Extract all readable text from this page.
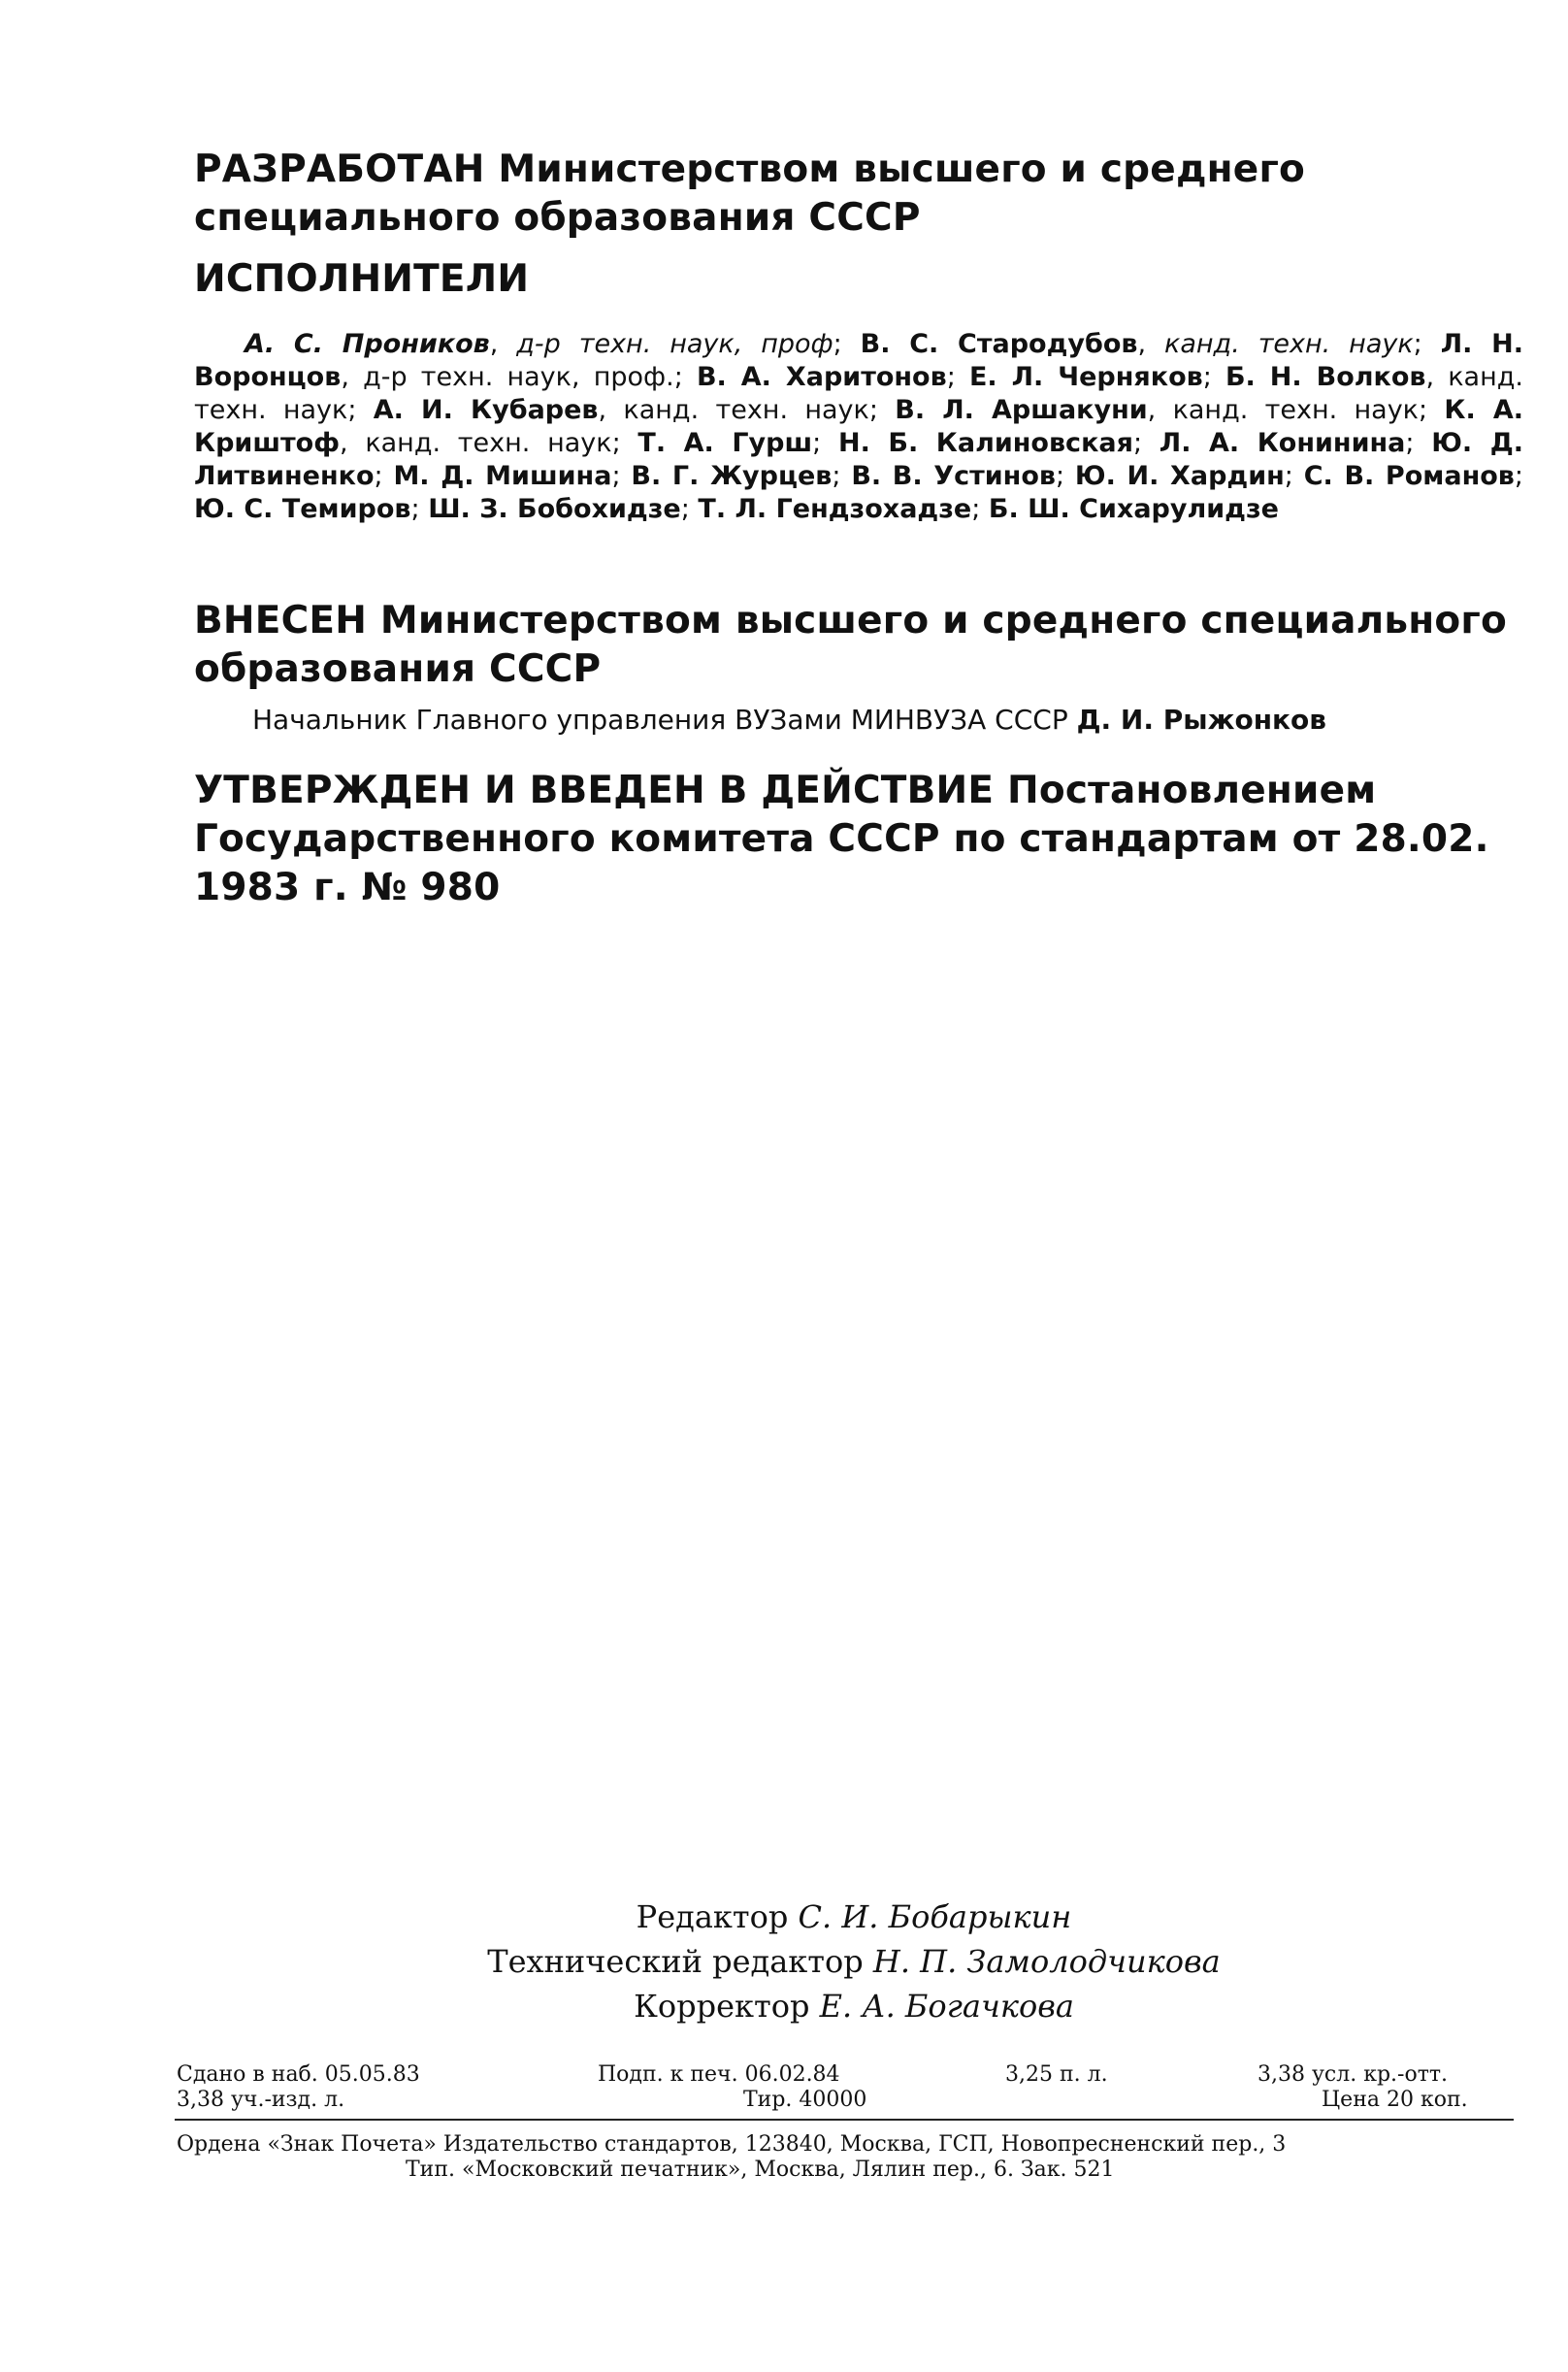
РАЗРАБОТАН Министерством высшего и среднего специального образования СССР
ИСПОЛНИТЕЛИ
А. С. Проников, д-р техн. наук, проф; В. С. Стародубов, канд. техн. наук; Л. Н. Воронцов, д-р техн. наук, проф.; В. А. Харитонов; Е. Л. Черняков; Б. Н. Волков, канд. техн. наук; А. И. Кубарев, канд. техн. наук; В. Л. Аршакуни, канд. техн. наук; К. А. Криштоф, канд. техн. наук; Т. А. Гурш; Н. Б. Калиновская; Л. А. Конинина; Ю. Д. Литвиненко; М. Д. Мишина; В. Г. Журцев; В. В. Устинов; Ю. И. Хардин; С. В. Романов; Ю. С. Темиров; Ш. З. Бобохидзе; Т. Л. Гендзохадзе; Б. Ш. Сихарулидзе
ВНЕСЕН Министерством высшего и среднего специального образования СССР
Начальник Главного управления ВУЗами МИНВУЗА СССР Д. И. Рыжонков
УТВЕРЖДЕН И ВВЕДЕН В ДЕЙСТВИЕ Постановлением Государственного комитета СССР по стандартам от 28.02. 1983 г. № 980
Редактор С. И. Бобарыкин
Технический редактор Н. П. Замолодчикова
Корректор Е. А. Богачкова
Сдано в наб. 05.05.83	Подп. к печ. 06.02.84	3,25 п. л.	3,38 усл. кр.-отт.
3,38 уч.-изд. л.	Тир. 40000	Цена 20 коп.
Ордена «Знак Почета» Издательство стандартов, 123840, Москва, ГСП, Новопресненский пер., 3
Тип. «Московский печатник», Москва, Лялин пер., 6. Зак. 521
